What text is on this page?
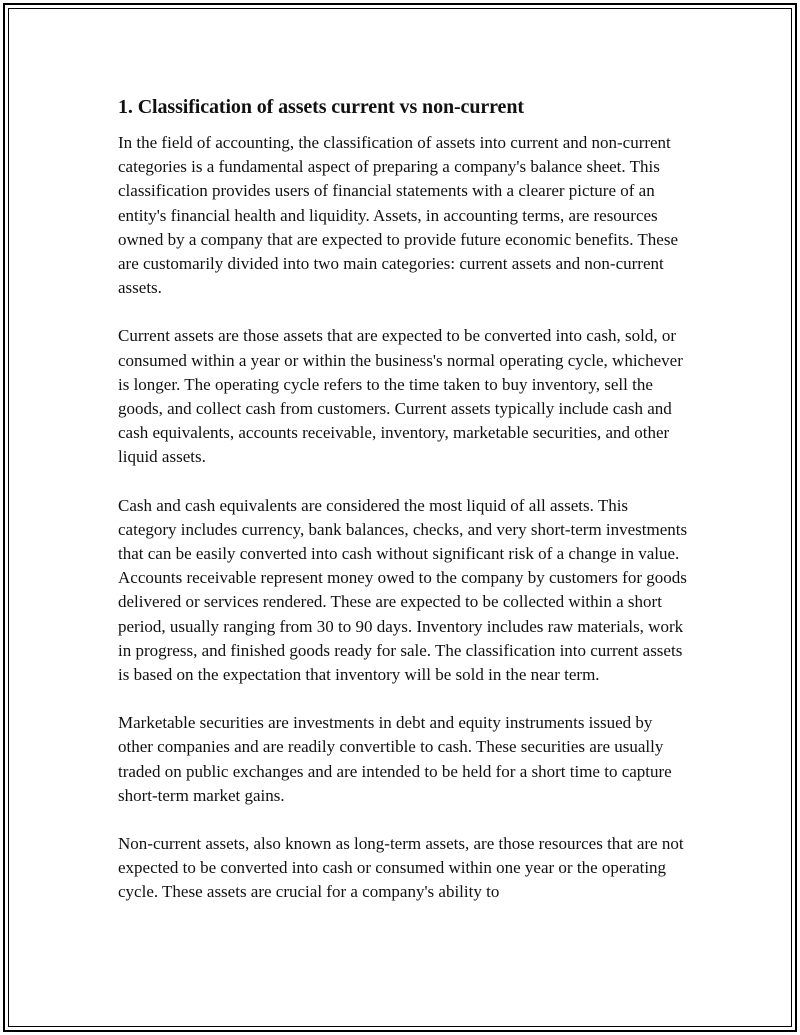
1. Classification of assets current vs non-current

In the field of accounting, the classification of assets into current and non-current categories is a fundamental aspect of preparing a company's balance sheet. This classification provides users of financial statements with a clearer picture of an entity's financial health and liquidity. Assets, in accounting terms, are resources owned by a company that are expected to provide future economic benefits. These are customarily divided into two main categories: current assets and non-current assets.

Current assets are those assets that are expected to be converted into cash, sold, or consumed within a year or within the business's normal operating cycle, whichever is longer. The operating cycle refers to the time taken to buy inventory, sell the goods, and collect cash from customers. Current assets typically include cash and cash equivalents, accounts receivable, inventory, marketable securities, and other liquid assets.

Cash and cash equivalents are considered the most liquid of all assets. This category includes currency, bank balances, checks, and very short-term investments that can be easily converted into cash without significant risk of a change in value. Accounts receivable represent money owed to the company by customers for goods delivered or services rendered. These are expected to be collected within a short period, usually ranging from 30 to 90 days. Inventory includes raw materials, work in progress, and finished goods ready for sale. The classification into current assets is based on the expectation that inventory will be sold in the near term.

Marketable securities are investments in debt and equity instruments issued by other companies and are readily convertible to cash. These securities are usually traded on public exchanges and are intended to be held for a short time to capture short-term market gains.

Non-current assets, also known as long-term assets, are those resources that are not expected to be converted into cash or consumed within one year or the operating cycle. These assets are crucial for a company's ability to
